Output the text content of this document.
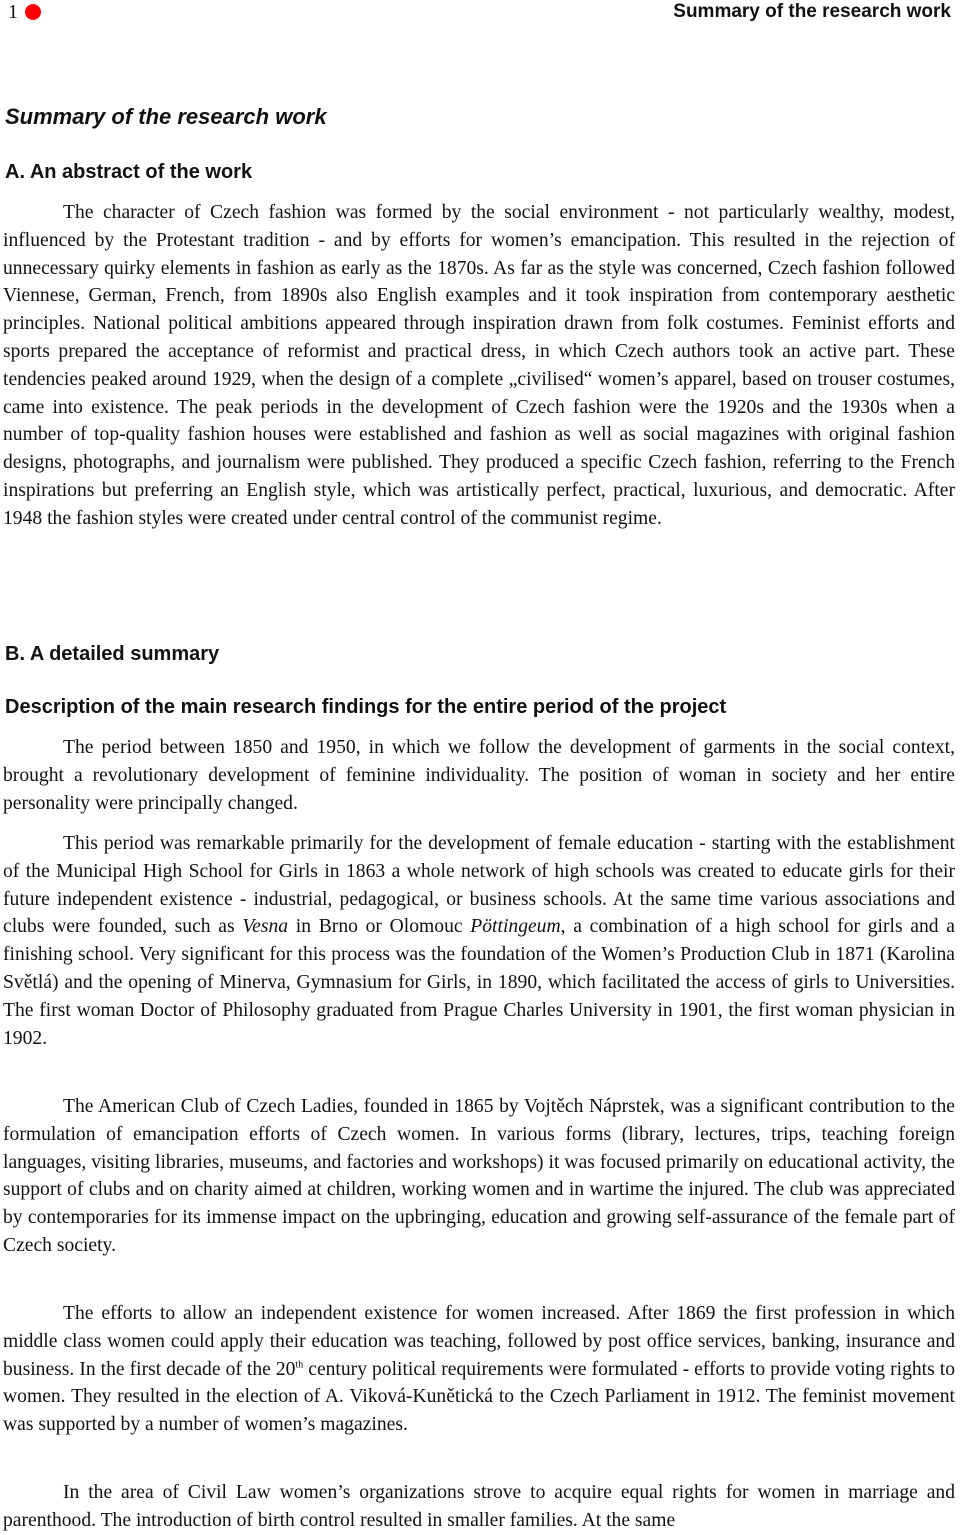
1	Summary of the research work
Summary of the research work
A. An abstract of the work

The character of Czech fashion was formed by the social environment - not particularly wealthy, modest, influenced by the Protestant tradition - and by efforts for women’s emancipation. This resulted in the rejection of unnecessary quirky elements in fashion as early as the 1870s. As far as the style was concerned, Czech fashion followed Viennese, German, French, from 1890s also English examples and it took inspiration from contemporary aesthetic principles. National political ambitions appeared through inspiration drawn from folk costumes. Feminist efforts and sports prepared the acceptance of reformist and practical dress, in which Czech authors took an active part. These tendencies peaked around 1929, when the design of a complete „civilised“ women’s apparel, based on trouser costumes, came into existence. The peak periods in the development of Czech fashion were the 1920s and the 1930s when a number of top-quality fashion houses were established and fashion as well as social magazines with original fashion designs, photographs, and journalism were published. They produced a specific Czech fashion, referring to the French inspirations but preferring an English style, which was artistically perfect, practical, luxurious, and democratic. After 1948 the fashion styles were created under central control of the communist regime.

B. A detailed summary
Description of the main research findings for the entire period of the project

The period between 1850 and 1950, in which we follow the development of garments in the social context, brought a revolutionary development of feminine individuality. The position of woman in society and her entire personality were principally changed.

This period was remarkable primarily for the development of female education - starting with the establishment of the Municipal High School for Girls in 1863 a whole network of high schools was created to educate girls for their future independent existence - industrial, pedagogical, or business schools. At the same time various associations and clubs were founded, such as Vesna in Brno or Olomouc Pöttingeum, a combination of a high school for girls and a finishing school. Very significant for this process was the foundation of the Women’s Production Club in 1871 (Karolina Světlá) and the opening of Minerva, Gymnasium for Girls, in 1890, which facilitated the access of girls to Universities. The first woman Doctor of Philosophy graduated from Prague Charles University in 1901, the first woman physician in 1902.

The American Club of Czech Ladies, founded in 1865 by Vojtěch Náprstek, was a significant contribution to the formulation of emancipation efforts of Czech women. In various forms (library, lectures, trips, teaching foreign languages, visiting libraries, museums, and factories and workshops) it was focused primarily on educational activity, the support of clubs and on charity aimed at children, working women and in wartime the injured. The club was appreciated by contemporaries for its immense impact on the upbringing, education and growing self-assurance of the female part of Czech society.

The efforts to allow an independent existence for women increased. After 1869 the first profession in which middle class women could apply their education was teaching, followed by post office services, banking, insurance and business. In the first decade of the 20th century political requirements were formulated - efforts to provide voting rights to women. They resulted in the election of A. Viková-Kunětická to the Czech Parliament in 1912. The feminist movement was supported by a number of women’s magazines.

In the area of Civil Law women’s organizations strove to acquire equal rights for women in marriage and parenthood. The introduction of birth control resulted in smaller families. At the same
